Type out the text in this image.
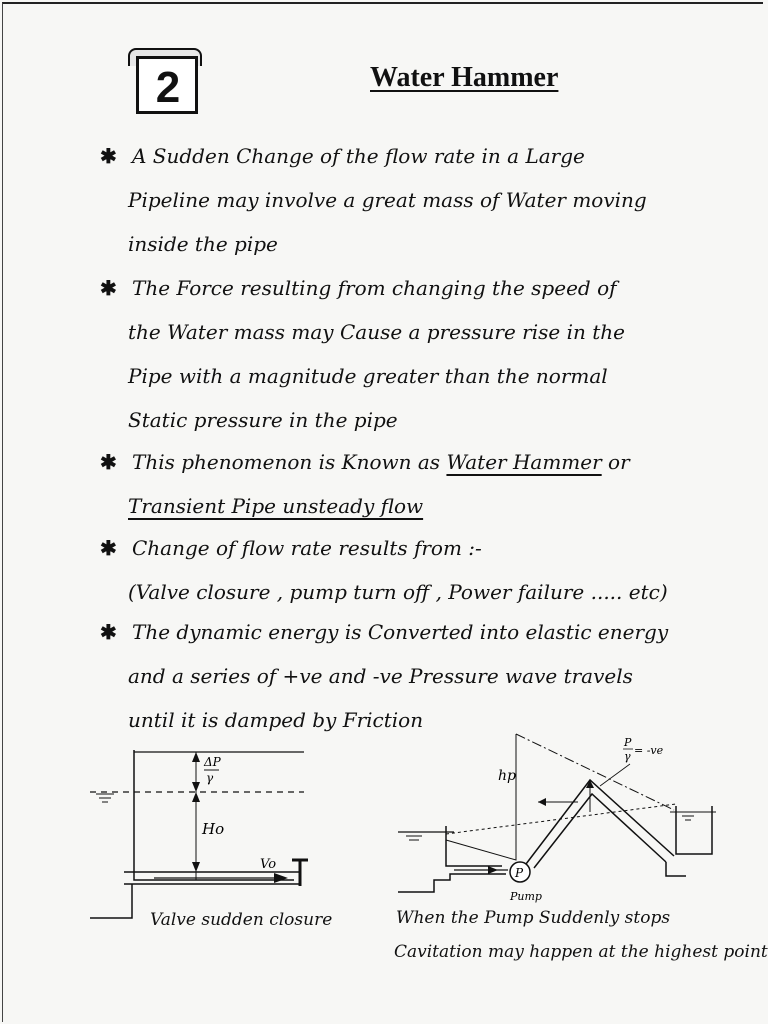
2	Water Hammer
✱ A Sudden Change of the flow rate in a Large
Pipeline may involve a great mass of Water moving
inside the pipe
✱ The Force resulting from changing the speed of
the Water mass may Cause a pressure rise in the
Pipe with a magnitude greater than the normal
Static pressure in the pipe
✱ This phenomenon is Known as Water Hammer or
Transient Pipe unsteady flow
✱ Change of flow rate results from :-
(Valve closure , pump turn off , Power failure ..... etc)
✱ The dynamic energy is Converted into elastic energy
and a series of +ve and -ve Pressure wave travels
until it is damped by Friction
ΔP
γ
Ho
Vo
Valve sudden closure
P
Pump
hp
P
γ = -ve
When the Pump Suddenly stops
Cavitation may happen at the highest point
